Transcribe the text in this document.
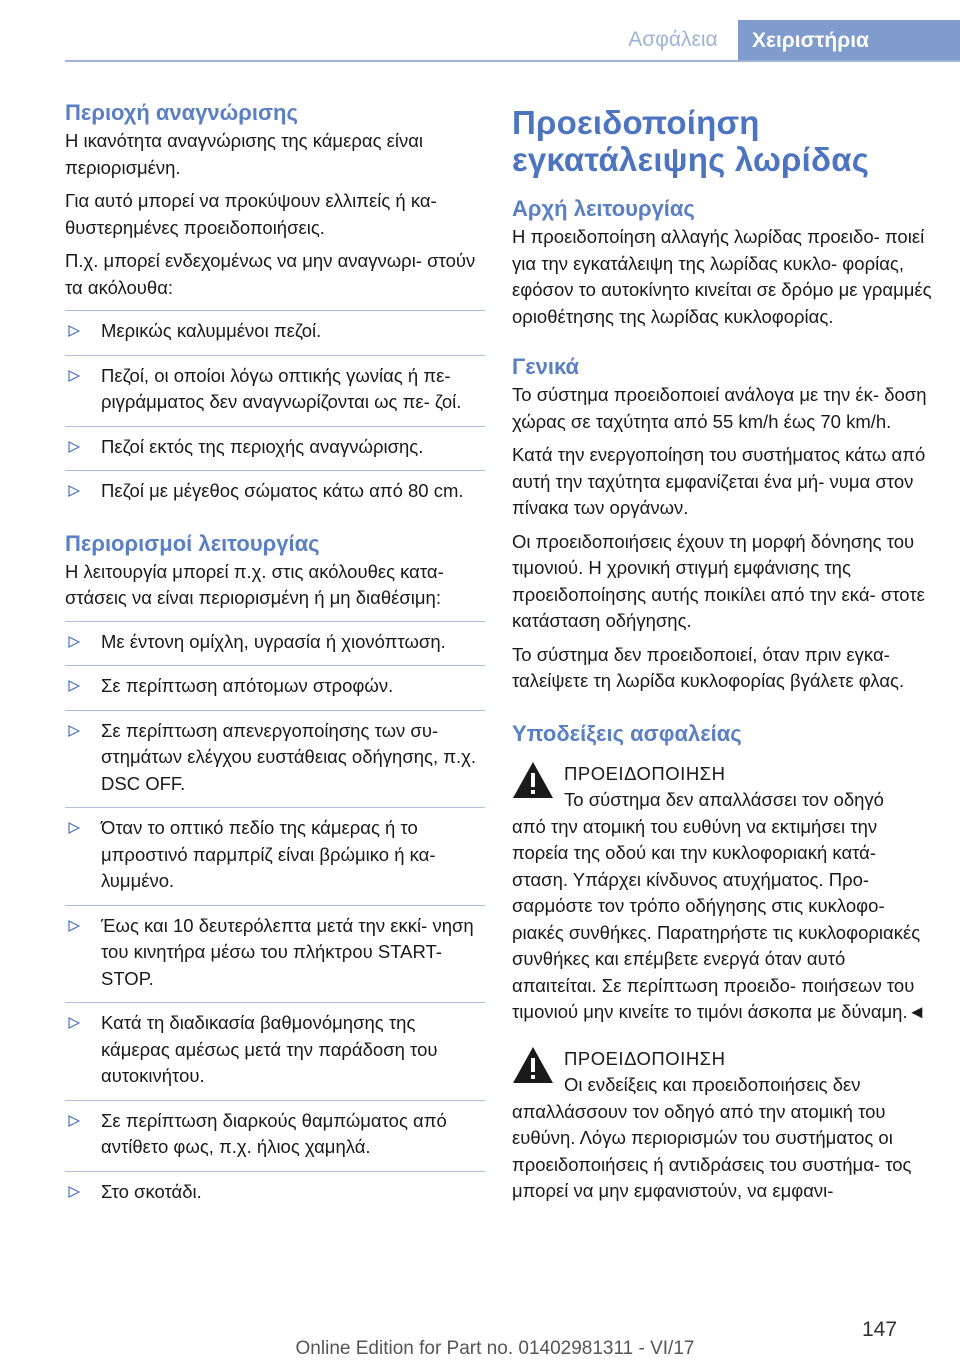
Ασφάλεια	Χειριστήρια
Περιοχή αναγνώρισης

Η ικανότητα αναγνώρισης της κάμερας είναι περιορισμένη.

Για αυτό μπορεί να προκύψουν ελλιπείς ή κα- θυστερημένες προειδοποιήσεις.

Π.χ. μπορεί ενδεχομένως να μην αναγνωρι- στούν τα ακόλουθα:

Μερικώς καλυμμένοι πεζοί.
Πεζοί, οι οποίοι λόγω οπτικής γωνίας ή πε- ριγράμματος δεν αναγνωρίζονται ως πε- ζοί.
Πεζοί εκτός της περιοχής αναγνώρισης.
Πεζοί με μέγεθος σώματος κάτω από 80 cm.
Περιορισμοί λειτουργίας

Η λειτουργία μπορεί π.χ. στις ακόλουθες κατα- στάσεις να είναι περιορισμένη ή μη διαθέσιμη:

Με έντονη ομίχλη, υγρασία ή χιονόπτωση.
Σε περίπτωση απότομων στροφών.
Σε περίπτωση απενεργοποίησης των συ- στημάτων ελέγχου ευστάθειας οδήγησης, π.χ. DSC OFF.
Όταν το οπτικό πεδίο της κάμερας ή το μπροστινό παρμπρίζ είναι βρώμικο ή κα- λυμμένο.
Έως και 10 δευτερόλεπτα μετά την εκκί- νηση του κινητήρα μέσω του πλήκτρου START-STOP.
Κατά τη διαδικασία βαθμονόμησης της κάμερας αμέσως μετά την παράδοση του αυτοκινήτου.
Σε περίπτωση διαρκούς θαμπώματος από αντίθετο φως, π.χ. ήλιος χαμηλά.
Στο σκοτάδι.
Προειδοποίηση
εγκατάλειψης λωρίδας
Αρχή λειτουργίας

Η προειδοποίηση αλλαγής λωρίδας προειδο- ποιεί για την εγκατάλειψη της λωρίδας κυκλο- φορίας, εφόσον το αυτοκίνητο κινείται σε δρόμο με γραμμές οριοθέτησης της λωρίδας κυκλοφορίας.

Γενικά

Το σύστημα προειδοποιεί ανάλογα με την έκ- δοση χώρας σε ταχύτητα από 55 km/h έως 70 km/h.

Κατά την ενεργοποίηση του συστήματος κάτω από αυτή την ταχύτητα εμφανίζεται ένα μή- νυμα στον πίνακα των οργάνων.

Οι προειδοποιήσεις έχουν τη μορφή δόνησης του τιμονιού. Η χρονική στιγμή εμφάνισης της προειδοποίησης αυτής ποικίλει από την εκά- στοτε κατάσταση οδήγησης.

Το σύστημα δεν προειδοποιεί, όταν πριν εγκα- ταλείψετε τη λωρίδα κυκλοφορίας βγάλετε φλας.

Υποδείξεις ασφαλείας
ΠΡΟΕΙΔΟΠΟΙΗΣΗ
Το σύστημα δεν απαλλάσσει τον οδηγό
από την ατομική του ευθύνη να εκτιμήσει την πορεία της οδού και την κυκλοφοριακή κατά- σταση. Υπάρχει κίνδυνος ατυχήματος. Προ- σαρμόστε τον τρόπο οδήγησης στις κυκλοφο- ριακές συνθήκες. Παρατηρήστε τις κυκλοφοριακές συνθήκες και επέμβετε ενεργά όταν αυτό απαιτείται. Σε περίπτωση προειδο- ποιήσεων του τιμονιού μην κινείτε το τιμόνι άσκοπα με δύναμη.◄
ΠΡΟΕΙΔΟΠΟΙΗΣΗ
Οι ενδείξεις και προειδοποιήσεις δεν
απαλλάσσουν τον οδηγό από την ατομική του ευθύνη. Λόγω περιορισμών του συστήματος οι προειδοποιήσεις ή αντιδράσεις του συστήμα- τος μπορεί να μην εμφανιστούν, να εμφανι-
147
Online Edition for Part no. 01402981311 - VI/17
